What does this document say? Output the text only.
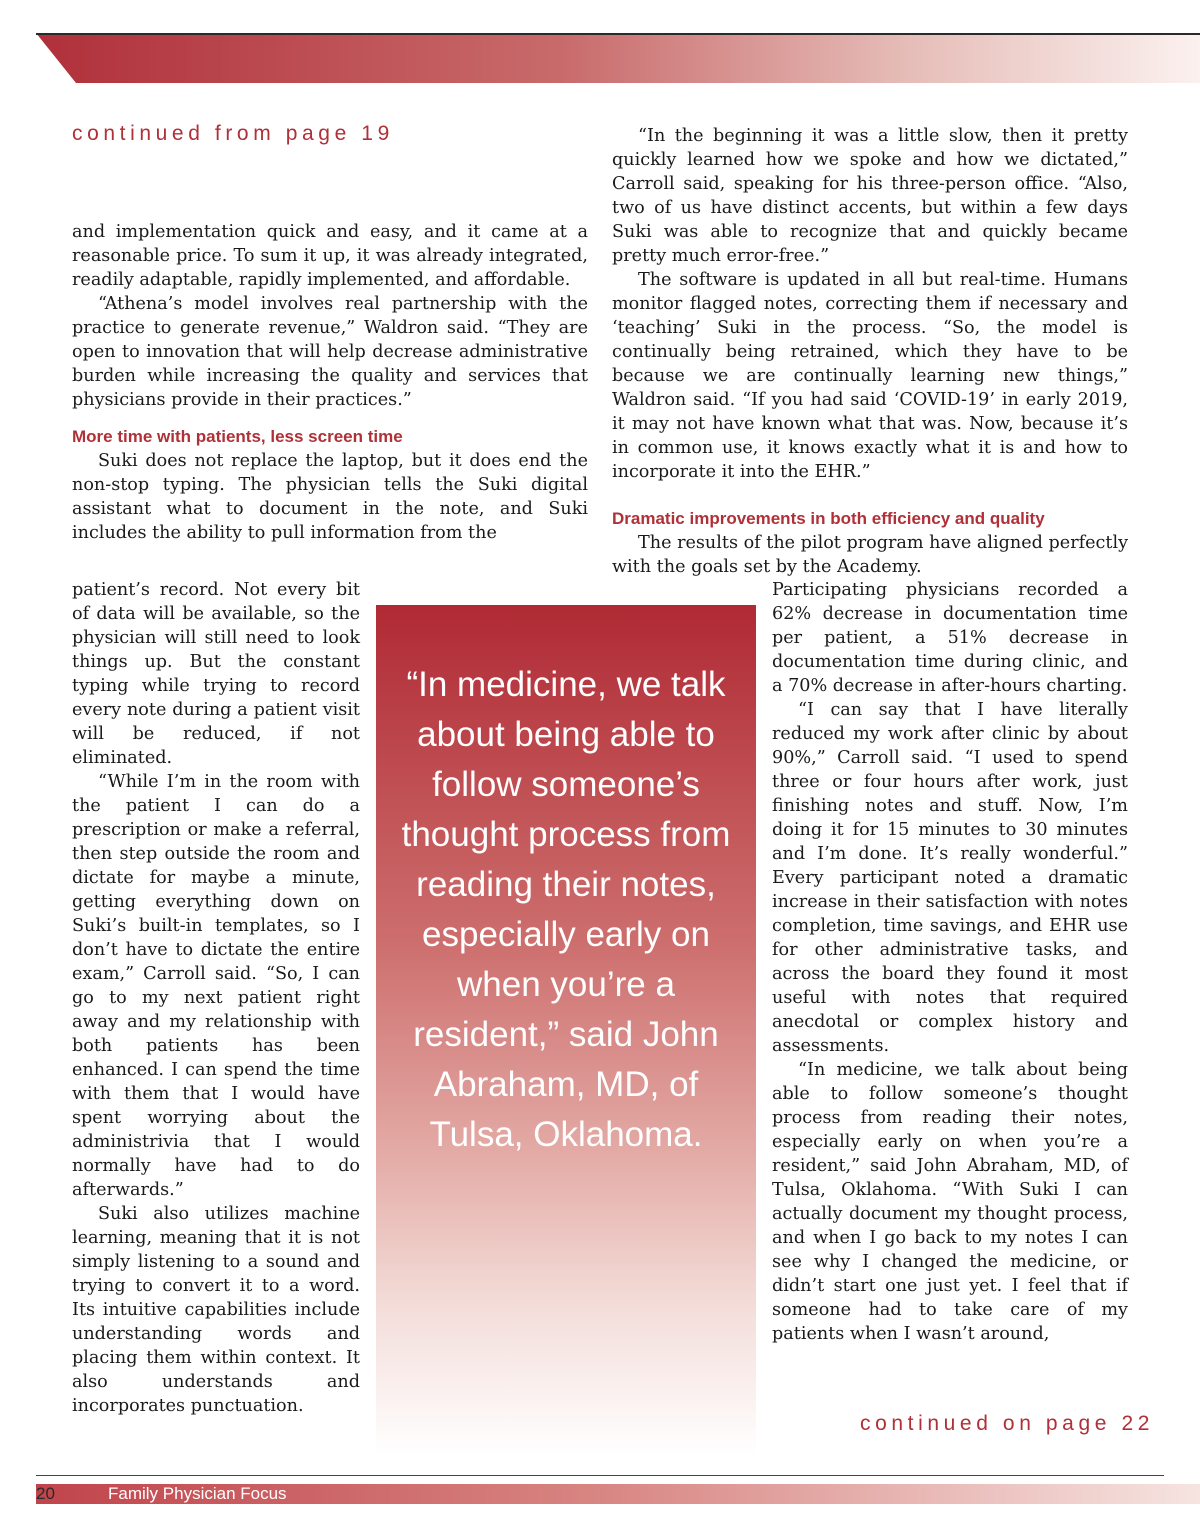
continued from page 19

and implementation quick and easy, and it came at a reasonable price. To sum it up, it was already integrated, readily adaptable, rapidly implemented, and affordable.

“Athena’s model involves real partnership with the practice to generate revenue,” Waldron said. “They are open to innovation that will help decrease administrative burden while increasing the quality and services that physicians provide in their practices.”

More time with patients, less screen time

Suki does not replace the laptop, but it does end the non-stop typing. The physician tells the Suki digital assistant what to document in the note, and Suki includes the ability to pull information from the

patient’s record. Not every bit of data will be available, so the physician will still need to look things up. But the constant typing while trying to record every note during a patient visit will be reduced, if not eliminated.

“While I’m in the room with the patient I can do a prescription or make a referral, then step outside the room and dictate for maybe a minute, getting everything down on Suki’s built-in templates, so I don’t have to dictate the entire exam,” Carroll said. “So, I can go to my next patient right away and my relationship with both patients has been enhanced. I can spend the time with them that I would have spent worrying about the administrivia that I would normally have had to do afterwards.”

Suki also utilizes machine learning, meaning that it is not simply listening to a sound and trying to convert it to a word. Its intuitive capabilities include understanding words and placing them within context. It also understands and incorporates punctuation.

“In the beginning it was a little slow, then it pretty quickly learned how we spoke and how we dictated,” Carroll said, speaking for his three-person office. “Also, two of us have distinct accents, but within a few days Suki was able to recognize that and quickly became pretty much error-free.”

The software is updated in all but real-time. Humans monitor flagged notes, correcting them if necessary and ‘teaching’ Suki in the process. “So, the model is continually being retrained, which they have to be because we are continually learning new things,” Waldron said. “If you had said ‘COVID-19’ in early 2019, it may not have known what that was. Now, because it’s in common use, it knows exactly what it is and how to incorporate it into the EHR.”

Dramatic improvements in both efficiency and quality

The results of the pilot program have aligned perfectly with the goals set by the Academy.

Participating physicians recorded a 62% decrease in documentation time per patient, a 51% decrease in documentation time during clinic, and a 70% decrease in after-hours charting.

“I can say that I have literally reduced my work after clinic by about 90%,” Carroll said. “I used to spend three or four hours after work, just finishing notes and stuff. Now, I’m doing it for 15 minutes to 30 minutes and I’m done. It’s really wonderful.” Every participant noted a dramatic increase in their satisfaction with notes completion, time savings, and EHR use for other administrative tasks, and across the board they found it most useful with notes that required anecdotal or complex history and assessments.

“In medicine, we talk about being able to follow someone’s thought process from reading their notes, especially early on when you’re a resident,” said John Abraham, MD, of Tulsa, Oklahoma. “With Suki I can actually document my thought process, and when I go back to my notes I can see why I changed the medicine, or didn’t start one just yet. I feel that if someone had to take care of my patients when I wasn’t around,

“In medicine, we talk about being able to follow someone’s thought process from reading their notes, especially early on when you’re a resident,” said John Abraham, MD, of Tulsa, Oklahoma.
continued on page 22
20	Family Physician Focus
